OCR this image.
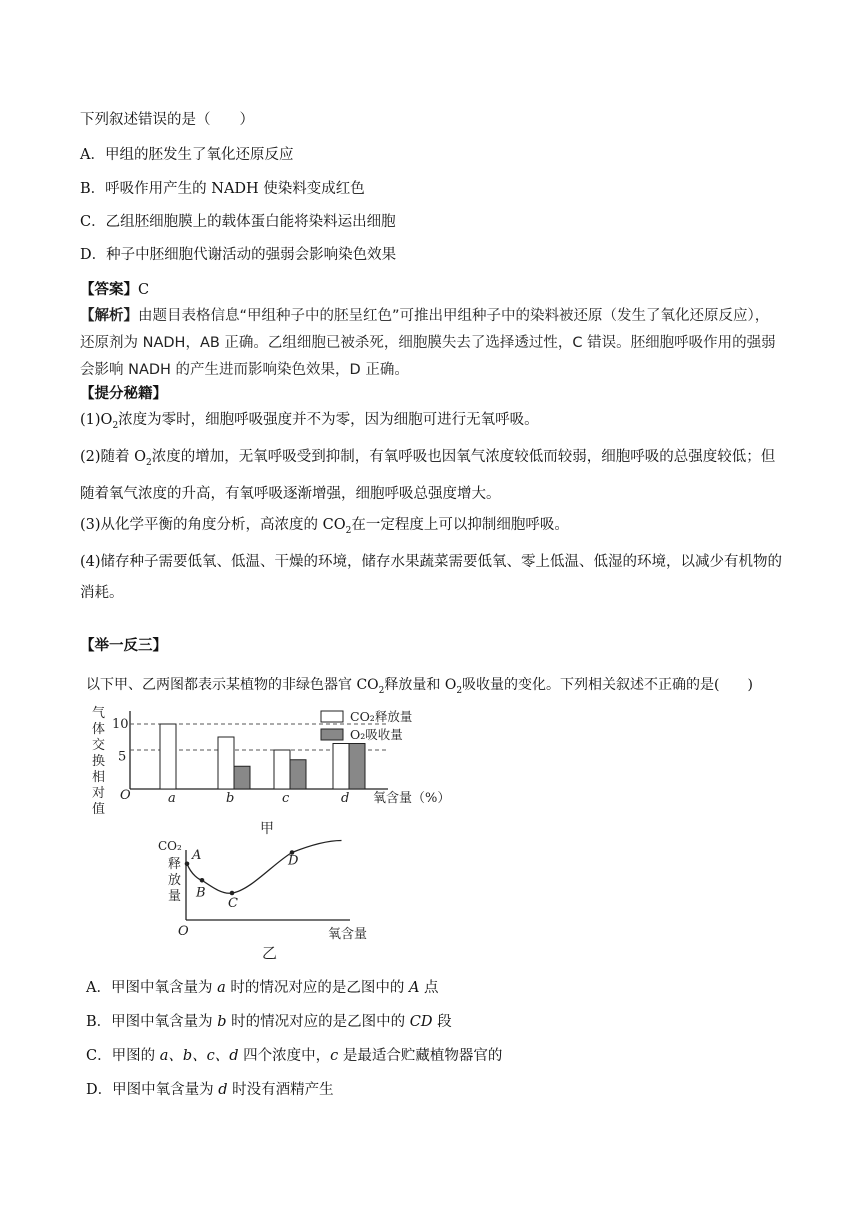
下列叙述错误的是（　　）
A．甲组的胚发生了氧化还原反应
B．呼吸作用产生的 NADH 使染料变成红色
C．乙组胚细胞膜上的载体蛋白能将染料运出细胞
D．种子中胚细胞代谢活动的强弱会影响染色效果
【答案】C
【解析】由题目表格信息“甲组种子中的胚呈红色”可推出甲组种子中的染料被还原（发生了氧化还原反应），还原剂为 NADH，AB 正确。乙组细胞已被杀死，细胞膜失去了选择透过性，C 错误。胚细胞呼吸作用的强弱会影响 NADH 的产生进而影响染色效果，D 正确。
【提分秘籍】
$(1)O_2$浓度为零时，细胞呼吸强度并不为零，因为细胞可进行无氧呼吸。
(2)随着 $O_2$浓度的增加，无氧呼吸受到抑制，有氧呼吸也因氧气浓度较低而较弱，细胞呼吸的总强度较低；但随着氧气浓度的升高，有氧呼吸逐渐增强，细胞呼吸总强度增大。
(3)从化学平衡的角度分析，高浓度的 $CO_2$在一定程度上可以抑制细胞呼吸。
(4)储存种子需要低氧、低温、干燥的环境，储存水果蔬菜需要低氧、零上低温、低湿的环境，以减少有机物的消耗。
【举一反三】
以下甲、乙两图都表示某植物的非绿色器官 $CO_2$释放量和 $O_2$吸收量的变化。下列相关叙述不正确的是(　　)
气
体
交
换
相
对
值
5
10
a	b	c	d
O	氧含量（%）
CO₂释放量
O₂吸收量
甲
CO₂
释
放
量
A
B
C
D
O	氧含量
乙
A．甲图中氧含量为 a 时的情况对应的是乙图中的 A 点
B．甲图中氧含量为 b 时的情况对应的是乙图中的 CD 段
C．甲图的 a、b、c、d 四个浓度中，c 是最适合贮藏植物器官的
D．甲图中氧含量为 d 时没有酒精产生
